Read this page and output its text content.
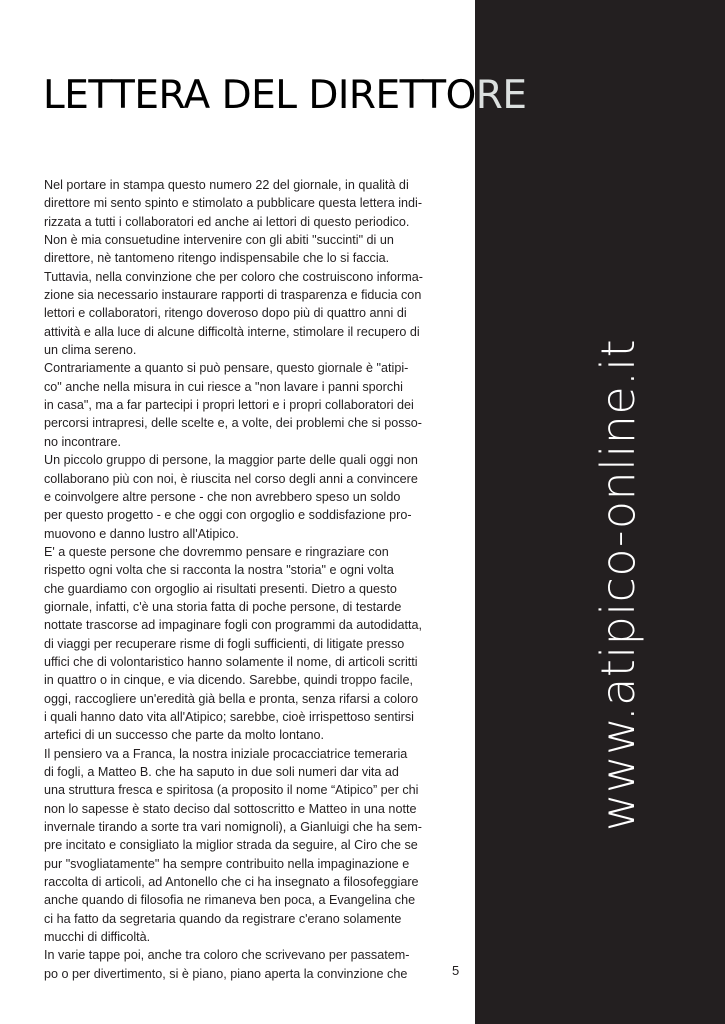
www.atipico-online.it
LETTERA DEL DIRETTORE
Nel portare in stampa questo numero 22 del giornale, in qualità di
direttore mi sento spinto e stimolato a pubblicare questa lettera indi-
rizzata a tutti i collaboratori ed anche ai lettori di questo periodico.
Non è mia consuetudine intervenire con gli abiti "succinti" di un
direttore, nè tantomeno ritengo indispensabile che lo si faccia.
Tuttavia, nella convinzione che per coloro che costruiscono informa-
zione sia necessario instaurare rapporti di trasparenza e fiducia con
lettori e collaboratori, ritengo doveroso dopo più di quattro anni di
attività e alla luce di alcune difficoltà interne, stimolare il recupero di
un clima sereno.
Contrariamente a quanto si può pensare, questo giornale è "atipi-
co" anche nella misura in cui riesce a "non lavare i panni sporchi
in casa", ma a far partecipi i propri lettori e i propri collaboratori dei
percorsi intrapresi, delle scelte e, a volte, dei problemi che si posso-
no incontrare.
Un piccolo gruppo di persone, la maggior parte delle quali oggi non
collaborano più con noi, è riuscita nel corso degli anni a convincere
e coinvolgere altre persone - che non avrebbero speso un soldo
per questo progetto - e che oggi con orgoglio e soddisfazione pro-
muovono e danno lustro all'Atipico.
E' a queste persone che dovremmo pensare e ringraziare con
rispetto ogni volta che si racconta la nostra "storia" e ogni volta
che guardiamo con orgoglio ai risultati presenti. Dietro a questo
giornale, infatti, c'è una storia fatta di poche persone, di testarde
nottate trascorse ad impaginare fogli con programmi da autodidatta,
di viaggi per recuperare risme di fogli sufficienti, di litigate presso
uffici che di volontaristico hanno solamente il nome, di articoli scritti
in quattro o in cinque, e via dicendo. Sarebbe, quindi troppo facile,
oggi, raccogliere un'eredità già bella e pronta, senza rifarsi a coloro
i quali hanno dato vita all'Atipico; sarebbe, cioè irrispettoso sentirsi
artefici di un successo che parte da molto lontano.
Il pensiero va a Franca, la nostra iniziale procacciatrice temeraria
di fogli, a Matteo B. che ha saputo in due soli numeri dar vita ad
una struttura fresca e spiritosa (a proposito il nome “Atipico” per chi
non lo sapesse è stato deciso dal sottoscritto e Matteo in una notte
invernale tirando a sorte tra vari nomignoli), a Gianluigi che ha sem-
pre incitato e consigliato la miglior strada da seguire, al Ciro che se
pur "svogliatamente" ha sempre contribuito nella impaginazione e
raccolta di articoli, ad Antonello che ci ha insegnato a filosofeggiare
anche quando di filosofia ne rimaneva ben poca, a Evangelina che
ci ha fatto da segretaria quando da registrare c'erano solamente
mucchi di difficoltà.
In varie tappe poi, anche tra coloro che scrivevano per passatem-
po o per divertimento, si è piano, piano aperta la convinzione che	5
